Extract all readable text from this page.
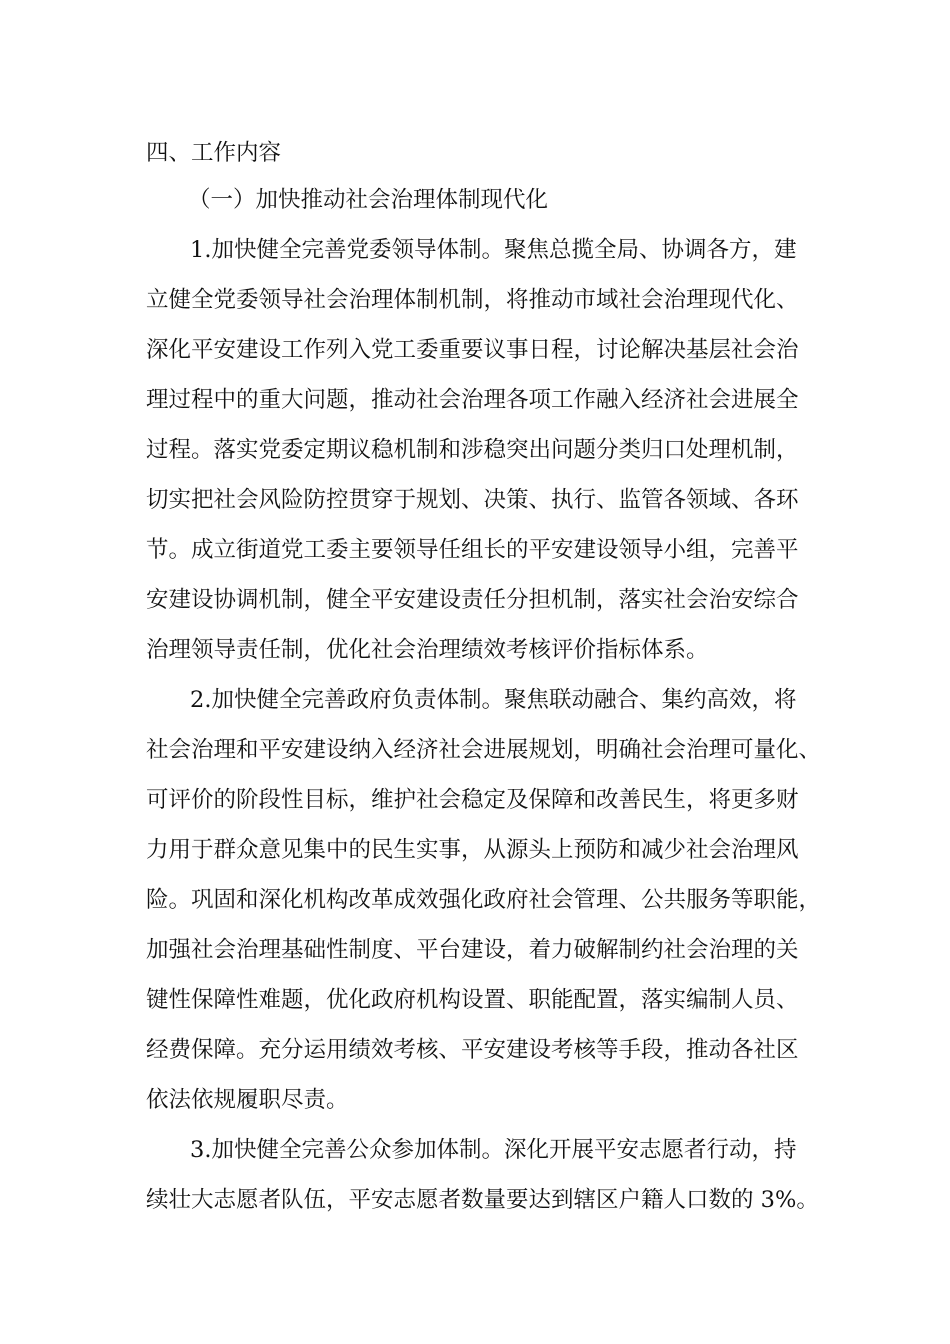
四、工作内容
（一）加快推动社会治理体制现代化
1.加快健全完善党委领导体制。聚焦总揽全局、协调各方，建
立健全党委领导社会治理体制机制，将推动市域社会治理现代化、
深化平安建设工作列入党工委重要议事日程，讨论解决基层社会治
理过程中的重大问题，推动社会治理各项工作融入经济社会进展全
过程。落实党委定期议稳机制和涉稳突出问题分类归口处理机制，
切实把社会风险防控贯穿于规划、决策、执行、监管各领域、各环
节。成立街道党工委主要领导任组长的平安建设领导小组，完善平
安建设协调机制，健全平安建设责任分担机制，落实社会治安综合
治理领导责任制，优化社会治理绩效考核评价指标体系。
2.加快健全完善政府负责体制。聚焦联动融合、集约高效，将
社会治理和平安建设纳入经济社会进展规划，明确社会治理可量化、
可评价的阶段性目标，维护社会稳定及保障和改善民生，将更多财
力用于群众意见集中的民生实事，从源头上预防和减少社会治理风
险。巩固和深化机构改革成效强化政府社会管理、公共服务等职能，
加强社会治理基础性制度、平台建设，着力破解制约社会治理的关
键性保障性难题，优化政府机构设置、职能配置，落实编制人员、
经费保障。充分运用绩效考核、平安建设考核等手段，推动各社区
依法依规履职尽责。
3.加快健全完善公众参加体制。深化开展平安志愿者行动，持
续壮大志愿者队伍，平安志愿者数量要达到辖区户籍人口数的 3%。
